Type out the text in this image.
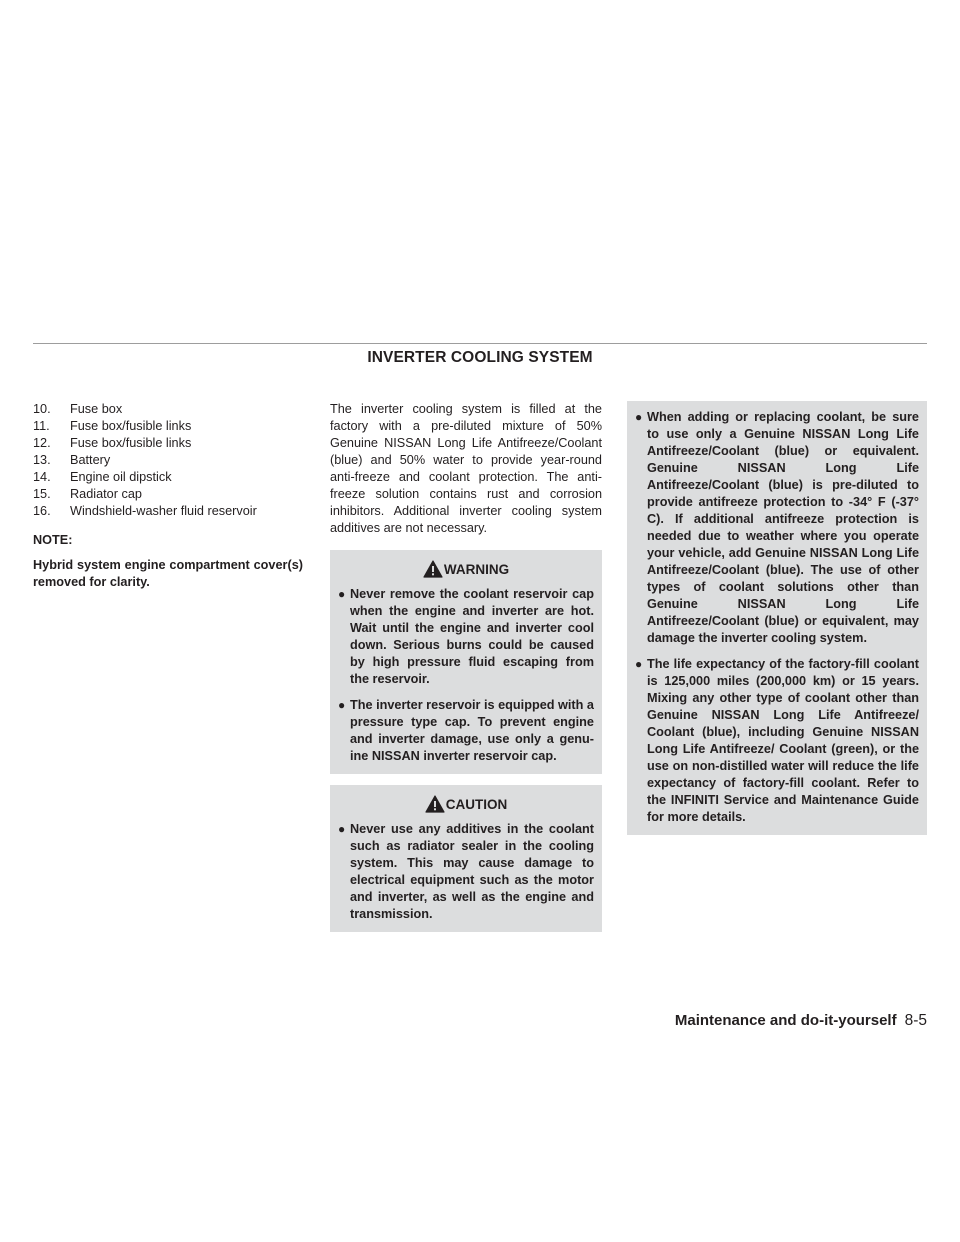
INVERTER COOLING SYSTEM
10.	Fuse box
11.	Fuse box/fusible links
12.	Fuse box/fusible links
13.	Battery
14.	Engine oil dipstick
15.	Radiator cap
16.	Windshield-washer fluid reservoir
NOTE:
Hybrid system engine compartment cover(s) removed for clarity.

The inverter cooling system is filled at the factory with a pre-diluted mixture of 50% Genuine NISSAN Long Life Antifreeze/Coolant (blue) and 50% water to provide year-round anti-freeze and coolant protection. The anti-freeze solution contains rust and corrosion inhibitors. Additional inverter cooling system additives are not necessary.

WARNING
● Never remove the coolant reservoir cap when the engine and inverter are hot. Wait until the engine and inverter cool down. Serious burns could be caused by high pressure fluid escaping from the reservoir.
● The inverter reservoir is equipped with a pressure type cap. To prevent engine and inverter damage, use only a genuine NISSAN inverter reservoir cap.
CAUTION
● Never use any additives in the coolant such as radiator sealer in the cooling system. This may cause damage to electrical equipment such as the motor and inverter, as well as the engine and transmission.
● When adding or replacing coolant, be sure to use only a Genuine NISSAN Long Life Antifreeze/Coolant (blue) or equivalent. Genuine NISSAN Long Life Antifreeze/Coolant (blue) is pre-diluted to provide antifreeze protection to -34° F (-37° C). If additional antifreeze protection is needed due to weather where you operate your vehicle, add Genuine NISSAN Long Life Antifreeze/Coolant (blue). The use of other types of coolant solutions other than Genuine NISSAN Long Life Antifreeze/Coolant (blue) or equivalent, may damage the inverter cooling system.
● The life expectancy of the factory-fill coolant is 125,000 miles (200,000 km) or 15 years. Mixing any other type of coolant other than Genuine NISSAN Long Life Antifreeze/ Coolant (blue), including Genuine NISSAN Long Life Antifreeze/ Coolant (green), or the use on non-distilled water will reduce the life expectancy of factory-fill coolant. Refer to the INFINITI Service and Maintenance Guide for more details.
Maintenance and do-it-yourself 8-5
